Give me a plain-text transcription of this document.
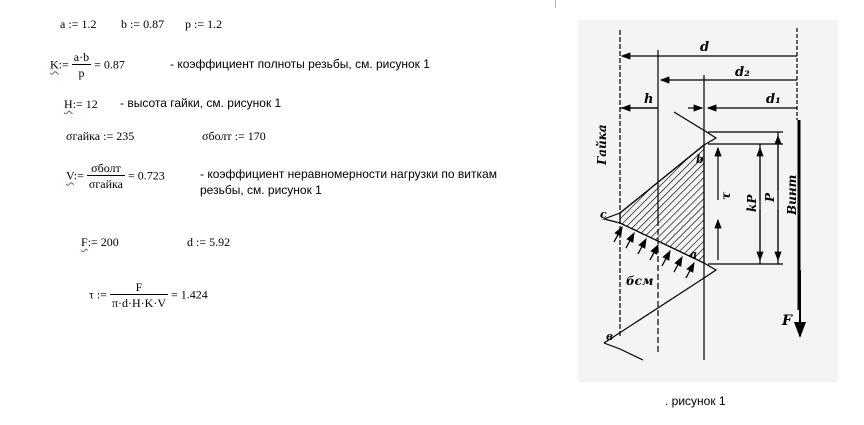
a := 1.2 b := 0.87 p := 1.2
K:= $\frac{a\cdot b}{p} = 0.87$	- коэффициент полноты резьбы, см. рисунок 1
H:= 12 - высота гайки, см. рисунок 1
σгайка := 235	σболт := 170
V:= $\frac{\text{σболт}}{\text{σгайка}} = 0.723$	- коэффициент неравномерности нагрузки по виткам
резьбы, см. рисунок 1
F:= 200	d := 5.92
τ := $\frac{F}{\pi\cdot d\cdot H\cdot K\cdot V} = 1.424$
d
d₂
d₁
h
b
c
a
в
бсм
F
Гайка
Винт
P
kP
τ
. рисунок 1
